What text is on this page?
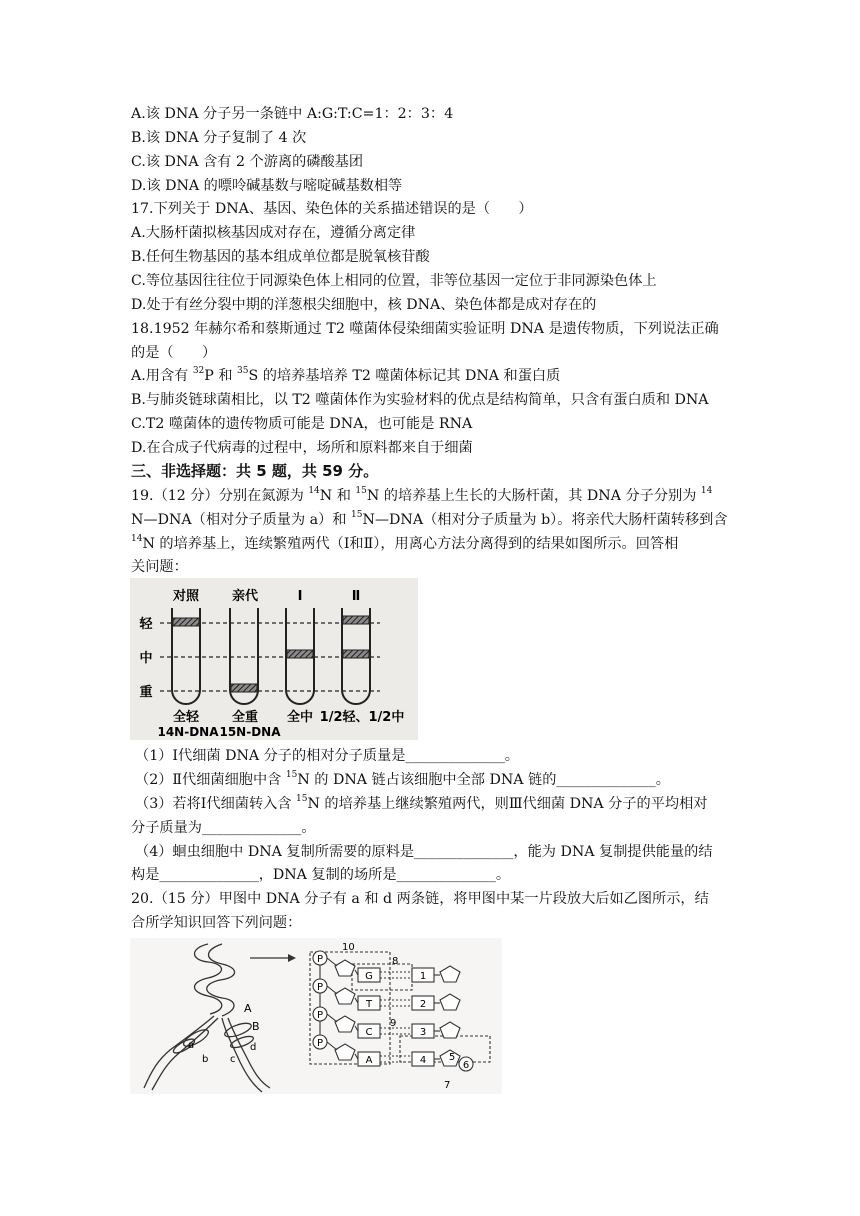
A.该 DNA 分子另一条链中 A:G:T:C=1：2：3：4
B.该 DNA 分子复制了 4 次
C.该 DNA 含有 2 个游离的磷酸基团
D.该 DNA 的嘌呤碱基数与嘧啶碱基数相等
17.下列关于 DNA、基因、染色体的关系描述错误的是（　　）
A.大肠杆菌拟核基因成对存在，遵循分离定律
B.任何生物基因的基本组成单位都是脱氧核苷酸
C.等位基因往往位于同源染色体上相同的位置，非等位基因一定位于非同源染色体上
D.处于有丝分裂中期的洋葱根尖细胞中，核 DNA、染色体都是成对存在的
18.1952 年赫尔希和蔡斯通过 T2 噬菌体侵染细菌实验证明 DNA 是遗传物质，下列说法正确
的是（　　）
A.用含有 $^{32}$P 和 $^{35}$S 的培养基培养 T2 噬菌体标记其 DNA 和蛋白质
B.与肺炎链球菌相比，以 T2 噬菌体作为实验材料的优点是结构简单，只含有蛋白质和 DNA
C.T2 噬菌体的遗传物质可能是 DNA，也可能是 RNA
D.在合成子代病毒的过程中，场所和原料都来自于细菌
三、非选择题：共 5 题，共 59 分。
19.（12 分）分别在氮源为 $^{14}$N 和 $^{15}$N 的培养基上生长的大肠杆菌，其 DNA 分子分别为 $^{14}$
N—DNA（相对分子质量为 a）和 $^{15}$N—DNA（相对分子质量为 b）。将亲代大肠杆菌转移到含
$^{14}$N 的培养基上，连续繁殖两代（Ⅰ和Ⅱ），用离心方法分离得到的结果如图所示。回答相
关问题：
对照	亲代	Ⅰ	Ⅱ
轻
中
重
全轻	全重 全中 1/2轻、1/2中
14N-DNA 15N-DNA
（1）Ⅰ代细菌 DNA 分子的相对分子质量是______________。
（2）Ⅱ代细菌细胞中含 $^{15}$N 的 DNA 链占该细胞中全部 DNA 链的______________。
（3）若将Ⅰ代细菌转入含 $^{15}$N 的培养基上继续繁殖两代，则Ⅲ代细菌 DNA 分子的平均相对
分子质量为______________。
（4）蛔虫细胞中 DNA 复制所需要的原料是______________，能为 DNA 复制提供能量的结
构是______________，DNA 复制的场所是______________。
20.（15 分）甲图中 DNA 分子有 a 和 d 两条链，将甲图中某一片段放大后如乙图所示，结
合所学知识回答下列问题：
A
B
a
b c
d
10
8
9
7
P
P
P
P
G
T
C
A
1
2
3
4 5
6
